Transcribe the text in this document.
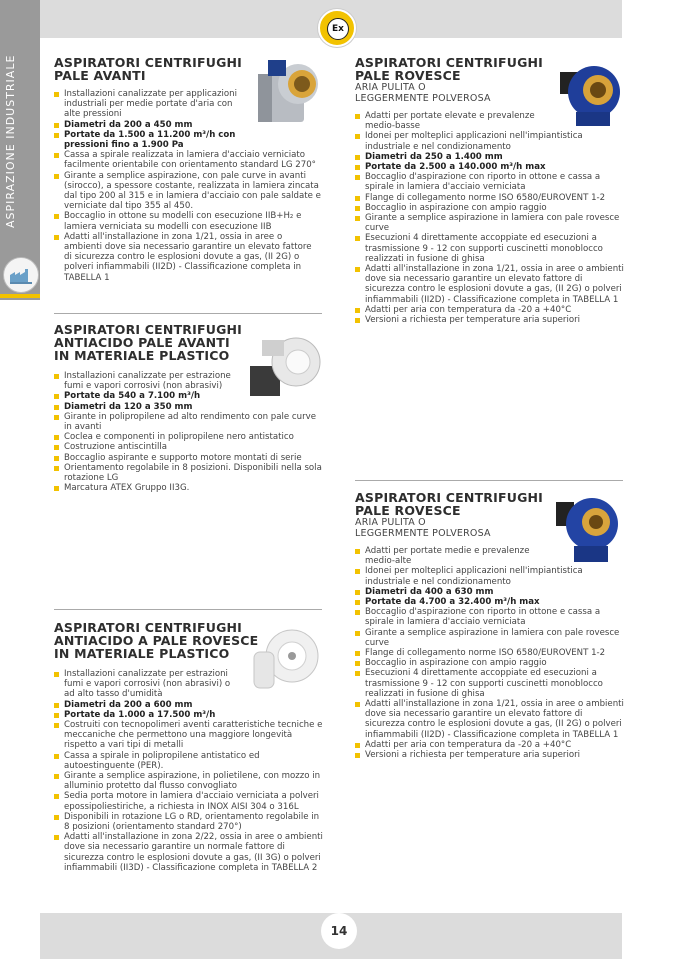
Ex
ASPIRAZIONE INDUSTRIALE	ASPIRATORI CENTRIFUGHI
PALE AVANTI
Installazioni canalizzate per applicazioni industriali per medie portate d'aria con alte pressioni
Diametri da 200 a 450 mm
Portate da 1.500 a 11.200 m³/h con pressioni fino a 1.900 Pa
Cassa a spirale realizzata in lamiera d'acciaio verniciato facilmente orientabile con orientamento standard LG 270°
Girante a semplice aspirazione, con pale curve in avanti (sirocco), a spessore costante, realizzata in lamiera zincata dal tipo 200 al 315 e in lamiera d'acciaio con pale saldate e verniciate dal tipo 355 al 450.
Boccaglio in ottone su modelli con esecuzione IIB+H₂ e lamiera verniciata su modelli con esecuzione IIB
Adatti all'installazione in zona 1/21, ossia in aree o ambienti dove sia necessario garantire un elevato fattore di sicurezza contro le esplosioni dovute a gas, (II 2G) o polveri infiammabili (II2D) - Classificazione completa in TABELLA 1
ASPIRATORI CENTRIFUGHI
ANTIACIDO PALE AVANTI
IN MATERIALE PLASTICO
Installazioni canalizzate per estrazione fumi e vapori corrosivi (non abrasivi)
Portate da 540 a 7.100 m³/h
Diametri da 120 a 350 mm
Girante in polipropilene ad alto rendimento con pale curve in avanti
Coclea e componenti in polipropilene nero antistatico
Costruzione antiscintilla
Boccaglio aspirante e supporto motore montati di serie
Orientamento regolabile in 8 posizioni. Disponibili nella sola rotazione LG
Marcatura ATEX Gruppo II3G.
ASPIRATORI CENTRIFUGHI
ANTIACIDO A PALE ROVESCE
IN MATERIALE PLASTICO
Installazioni canalizzate per estrazioni fumi e vapori corrosivi (non abrasivi) o ad alto tasso d'umidità
Diametri da 200 a 600 mm
Portate da 1.000 a 17.500 m³/h
Costruiti con tecnopolimeri aventi caratteristiche tecniche e meccaniche che permettono una maggiore longevità rispetto a vari tipi di metalli
Cassa a spirale in polipropilene antistatico ed autoestinguente (PER).
Girante a semplice aspirazione, in polietilene, con mozzo in alluminio protetto dal flusso convogliato
Sedia porta motore in lamiera d'acciaio verniciata a polveri epossipoliestiriche, a richiesta in INOX AISI 304 o 316L
Disponibili in rotazione LG o RD, orientamento regolabile in 8 posizioni (orientamento standard 270°)
Adatti all'installazione in zona 2/22, ossia in aree o ambienti dove sia necessario garantire un normale fattore di sicurezza contro le esplosioni dovute a gas, (II 3G) o polveri infiammabili (II3D) - Classificazione completa in TABELLA 2
ASPIRATORI CENTRIFUGHI
PALE ROVESCE
ARIA PULITA O
LEGGERMENTE POLVEROSA
Adatti per portate elevate e prevalenze medio-basse
Idonei per molteplici applicazioni nell'impiantistica industriale e nel condizionamento
Diametri da 250 a 1.400 mm
Portate da 2.500 a 140.000 m³/h max
Boccaglio d'aspirazione con riporto in ottone e cassa a spirale in lamiera d'acciaio verniciata
Flange di collegamento norme ISO 6580/EUROVENT 1-2
Boccaglio in aspirazione con ampio raggio
Girante a semplice aspirazione in lamiera con pale rovesce curve
Esecuzioni 4 direttamente accoppiate ed esecuzioni a trasmissione 9 - 12 con supporti cuscinetti monoblocco realizzati in fusione di ghisa
Adatti all'installazione in zona 1/21, ossia in aree o ambienti dove sia necessario garantire un elevato fattore di sicurezza contro le esplosioni dovute a gas, (II 2G) o polveri infiammabili (II2D) - Classificazione completa in TABELLA 1
Adatti per aria con temperatura da -20 a +40°C
Versioni a richiesta per temperature aria superiori
ASPIRATORI CENTRIFUGHI
PALE ROVESCE
ARIA PULITA O
LEGGERMENTE POLVEROSA
Adatti per portate medie e prevalenze medio-alte
Idonei per molteplici applicazioni nell'impiantistica industriale e nel condizionamento
Diametri da 400 a 630 mm
Portate da 4.700 a 32.400 m³/h max
Boccaglio d'aspirazione con riporto in ottone e cassa a spirale in lamiera d'acciaio verniciata
Girante a semplice aspirazione in lamiera con pale rovesce curve
Flange di collegamento norme ISO 6580/EUROVENT 1-2
Boccaglio in aspirazione con ampio raggio
Esecuzioni 4 direttamente accoppiate ed esecuzioni a trasmissione 9 - 12 con supporti cuscinetti monoblocco realizzati in fusione di ghisa
Adatti all'installazione in zona 1/21, ossia in aree o ambienti dove sia necessario garantire un elevato fattore di sicurezza contro le esplosioni dovute a gas, (II 2G) o polveri infiammabili (II2D) - Classificazione completa in TABELLA 1
Adatti per aria con temperatura da -20 a +40°C
Versioni a richiesta per temperature aria superiori
14
